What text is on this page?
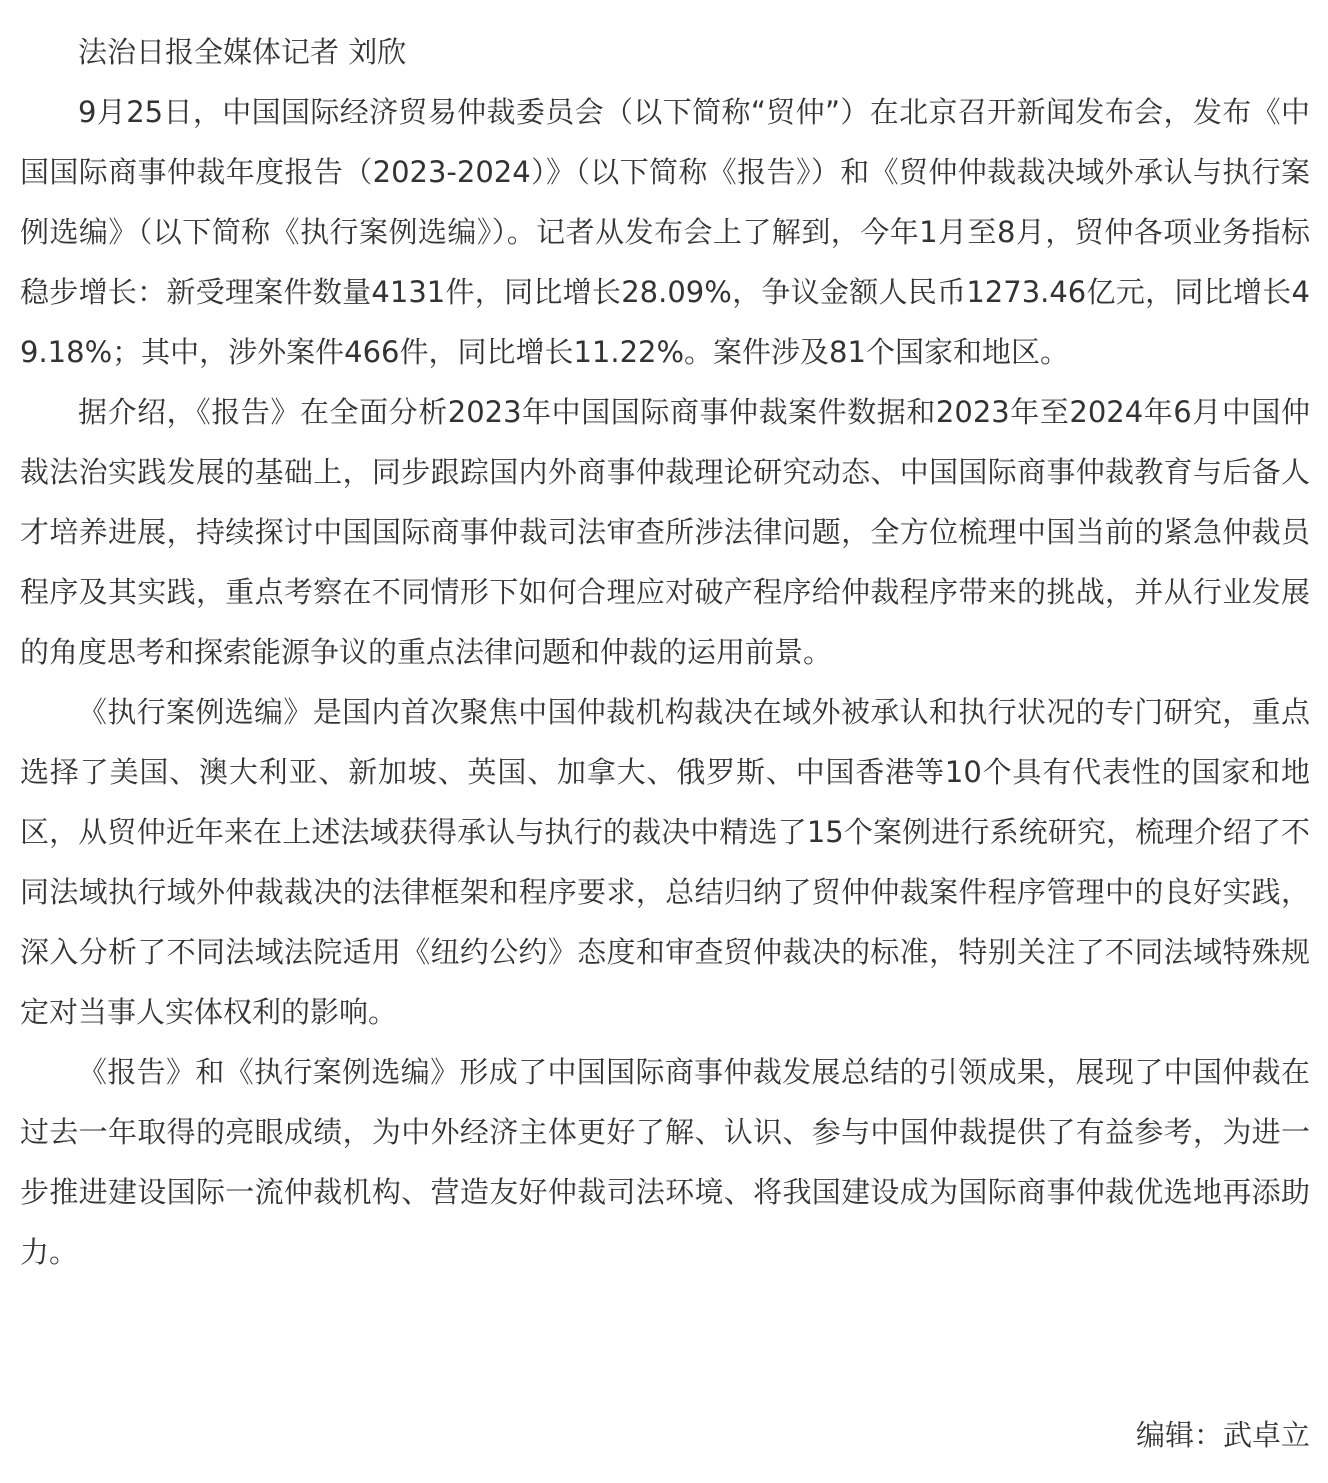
法治日报全媒体记者 刘欣

9月25日，中国国际经济贸易仲裁委员会（以下简称“贸仲”）在北京召开新闻发布会，发布《中国国际商事仲裁年度报告（2023-2024）》（以下简称《报告》）和《贸仲仲裁裁决域外承认与执行案例选编》（以下简称《执行案例选编》）。记者从发布会上了解到，今年1月至8月，贸仲各项业务指标稳步增长：新受理案件数量4131件，同比增长28.09%，争议金额人民币1273.46亿元，同比增长49.18%；其中，涉外案件466件，同比增长11.22%。案件涉及81个国家和地区。

据介绍，《报告》在全面分析2023年中国国际商事仲裁案件数据和2023年至2024年6月中国仲裁法治实践发展的基础上，同步跟踪国内外商事仲裁理论研究动态、中国国际商事仲裁教育与后备人才培养进展，持续探讨中国国际商事仲裁司法审查所涉法律问题，全方位梳理中国当前的紧急仲裁员程序及其实践，重点考察在不同情形下如何合理应对破产程序给仲裁程序带来的挑战，并从行业发展的角度思考和探索能源争议的重点法律问题和仲裁的运用前景。

《执行案例选编》是国内首次聚焦中国仲裁机构裁决在域外被承认和执行状况的专门研究，重点选择了美国、澳大利亚、新加坡、英国、加拿大、俄罗斯、中国香港等10个具有代表性的国家和地区，从贸仲近年来在上述法域获得承认与执行的裁决中精选了15个案例进行系统研究，梳理介绍了不同法域执行域外仲裁裁决的法律框架和程序要求，总结归纳了贸仲仲裁案件程序管理中的良好实践，深入分析了不同法域法院适用《纽约公约》态度和审查贸仲裁决的标准，特别关注了不同法域特殊规定对当事人实体权利的影响。

《报告》和《执行案例选编》形成了中国国际商事仲裁发展总结的引领成果，展现了中国仲裁在过去一年取得的亮眼成绩，为中外经济主体更好了解、认识、参与中国仲裁提供了有益参考，为进一步推进建设国际一流仲裁机构、营造友好仲裁司法环境、将我国建设成为国际商事仲裁优选地再添助力。

编辑：武卓立
